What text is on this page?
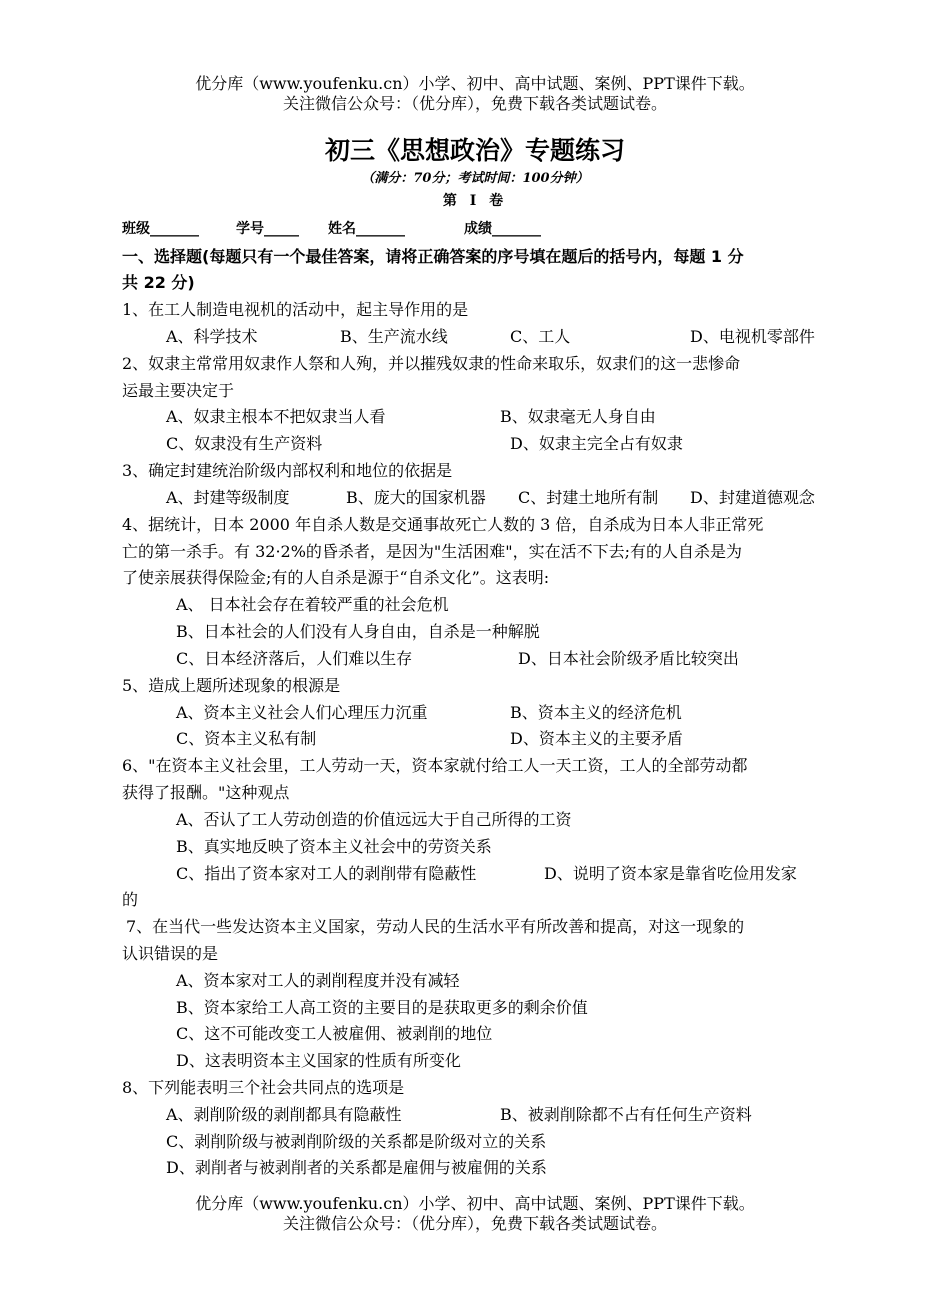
优分库（www.youfenku.cn）小学、初中、高中试题、案例、PPT课件下载。
关注微信公众号：（优分库），免费下载各类试题试卷。
初三《思想政治》专题练习
（满分：70分；考试时间：100分钟）
第 I 卷
班级_______	学号_____ 姓名_______	成绩_______
一、选择题(每题只有一个最佳答案，请将正确答案的序号填在题后的括号内，每题 1 分
共 22 分)
1、在工人制造电视机的活动中，起主导作用的是
A、科学技术	B、生产流水线	C、工人	D、电视机零部件
2、奴隶主常常用奴隶作人祭和人殉，并以摧残奴隶的性命来取乐，奴隶们的这一悲惨命
运最主要决定于
A、奴隶主根本不把奴隶当人看	B、奴隶毫无人身自由
C、奴隶没有生产资料	D、奴隶主完全占有奴隶
3、确定封建统治阶级内部权利和地位的依据是
A、封建等级制度	B、庞大的国家机器 C、封建土地所有制 D、封建道德观念
4、据统计，日本 2000 年自杀人数是交通事故死亡人数的 3 倍，自杀成为日本人非正常死
亡的第一杀手。有 32·2%的昏杀者，是因为"生活困难"，实在活不下去;有的人自杀是为
了使亲展获得保险金;有的人自杀是源于“自杀文化”。这表明:
A、 日本社会存在着较严重的社会危机
B、日本社会的人们没有人身自由，自杀是一种解脱
C、日本经济落后，人们难以生存	D、日本社会阶级矛盾比较突出
5、造成上题所述现象的根源是
A、资本主义社会人们心理压力沉重	B、资本主义的经济危机
C、资本主义私有制	D、资本主义的主要矛盾
6、"在资本主义社会里，工人劳动一天，资本家就付给工人一天工资，工人的全部劳动都
获得了报酬。"这种观点
A、否认了工人劳动创造的价值远远大于自己所得的工资
B、真实地反映了资本主义社会中的劳资关系
C、指出了资本家对工人的剥削带有隐蔽性	D、说明了资本家是靠省吃俭用发家
的
7、在当代一些发达资本主义国家，劳动人民的生活水平有所改善和提高，对这一现象的
认识错误的是
A、资本家对工人的剥削程度并没有减轻
B、资本家给工人高工资的主要目的是获取更多的剩余价值
C、这不可能改变工人被雇佣、被剥削的地位
D、这表明资本主义国家的性质有所变化
8、下列能表明三个社会共同点的选项是
A、剥削阶级的剥削都具有隐蔽性	B、被剥削除都不占有任何生产资料
C、剥削阶级与被剥削阶级的关系都是阶级对立的关系
D、剥削者与被剥削者的关系都是雇佣与被雇佣的关系
优分库（www.youfenku.cn）小学、初中、高中试题、案例、PPT课件下载。
关注微信公众号：（优分库），免费下载各类试题试卷。
